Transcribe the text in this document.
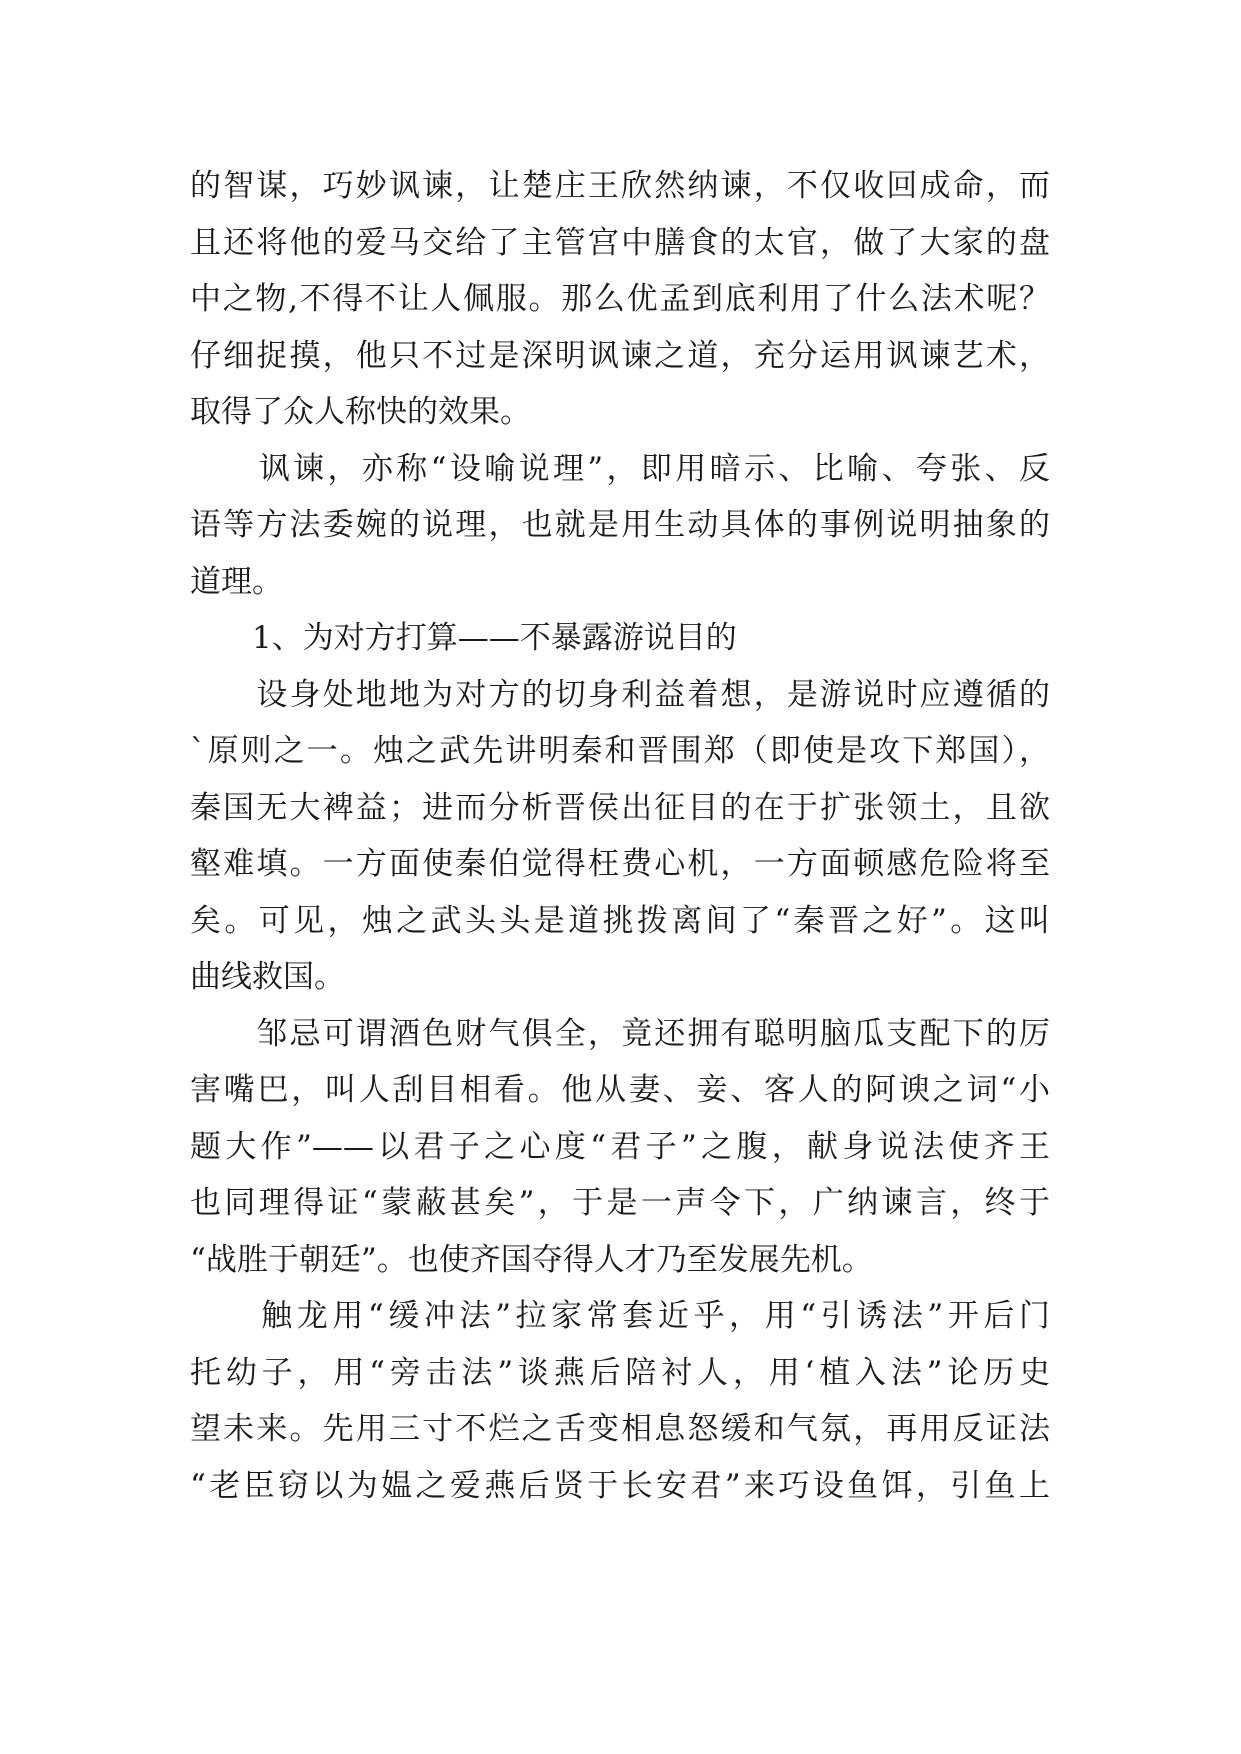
的智谋，巧妙讽谏，让楚庄王欣然纳谏，不仅收回成命，而
且还将他的爱马交给了主管宫中膳食的太官，做了大家的盘
中之物,不得不让人佩服。那么优孟到底利用了什么法术呢？
仔细捉摸，他只不过是深明讽谏之道，充分运用讽谏艺术，
取得了众人称快的效果。
　　讽谏，亦称“设喻说理”，即用暗示、比喻、夸张、反
语等方法委婉的说理，也就是用生动具体的事例说明抽象的
道理。
　　1、为对方打算——不暴露游说目的
　　设身处地地为对方的切身利益着想，是游说时应遵循的
`原则之一。烛之武先讲明秦和晋围郑（即使是攻下郑国），
秦国无大裨益；进而分析晋侯出征目的在于扩张领土，且欲
壑难填。一方面使秦伯觉得枉费心机，一方面顿感危险将至
矣。可见，烛之武头头是道挑拨离间了“秦晋之好”。这叫
曲线救国。
　　邹忌可谓酒色财气俱全，竟还拥有聪明脑瓜支配下的厉
害嘴巴，叫人刮目相看。他从妻、妾、客人的阿谀之词“小
题大作”——以君子之心度“君子”之腹，献身说法使齐王
也同理得证“蒙蔽甚矣”，于是一声令下，广纳谏言，终于
“战胜于朝廷”。也使齐国夺得人才乃至发展先机。
　　触龙用“缓冲法”拉家常套近乎，用“引诱法”开后门
托幼子，用“旁击法”谈燕后陪衬人，用‘植入法”论历史
望未来。先用三寸不烂之舌变相息怒缓和气氛，再用反证法
“老臣窃以为媪之爱燕后贤于长安君”来巧设鱼饵，引鱼上
